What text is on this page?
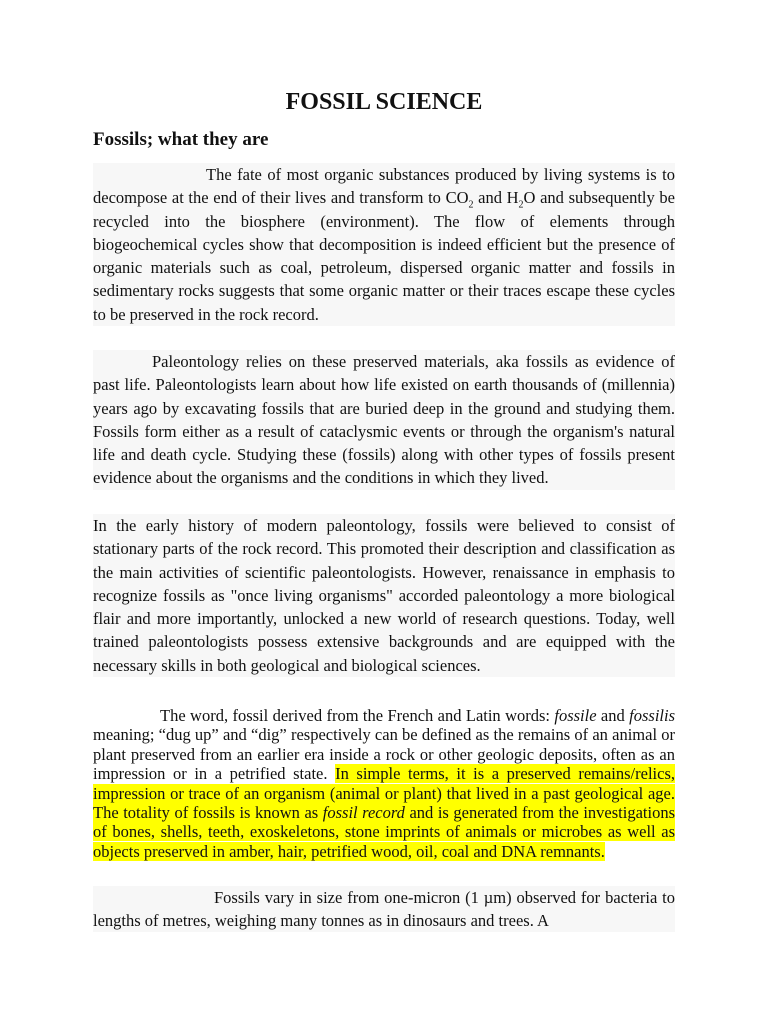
FOSSIL SCIENCE
Fossils; what they are

The fate of most organic substances produced by living systems is to decompose at the end of their lives and transform to $CO_2$ and $H_2O$ and subsequently be recycled into the biosphere (environment). The flow of elements through biogeochemical cycles show that decomposition is indeed efficient but the presence of organic materials such as coal, petroleum, dispersed organic matter and fossils in sedimentary rocks suggests that some organic matter or their traces escape these cycles to be preserved in the rock record.

Paleontology relies on these preserved materials, aka fossils as evidence of past life. Paleontologists learn about how life existed on earth thousands of (millennia) years ago by excavating fossils that are buried deep in the ground and studying them. Fossils form either as a result of cataclysmic events or through the organism's natural life and death cycle. Studying these (fossils) along with other types of fossils present evidence about the organisms and the conditions in which they lived.

In the early history of modern paleontology, fossils were believed to consist of stationary parts of the rock record. This promoted their description and classification as the main activities of scientific paleontologists. However, renaissance in emphasis to recognize fossils as "once living organisms" accorded paleontology a more biological flair and more importantly, unlocked a new world of research questions. Today, well trained paleontologists possess extensive backgrounds and are equipped with the necessary skills in both geological and biological sciences.

The word, fossil derived from the French and Latin words: fossile and fossilis meaning; “dug up” and “dig” respectively can be defined as the remains of an animal or plant preserved from an earlier era inside a rock or other geologic deposits, often as an impression or in a petrified state. In simple terms, it is a preserved remains/relics, impression or trace of an organism (animal or plant) that lived in a past geological age. The totality of fossils is known as fossil record and is generated from the investigations of bones, shells, teeth, exoskeletons, stone imprints of animals or microbes as well as objects preserved in amber, hair, petrified wood, oil, coal and DNA remnants.

Fossils vary in size from one-micron (1 µm) observed for bacteria to lengths of metres, weighing many tonnes as in dinosaurs and trees. A
